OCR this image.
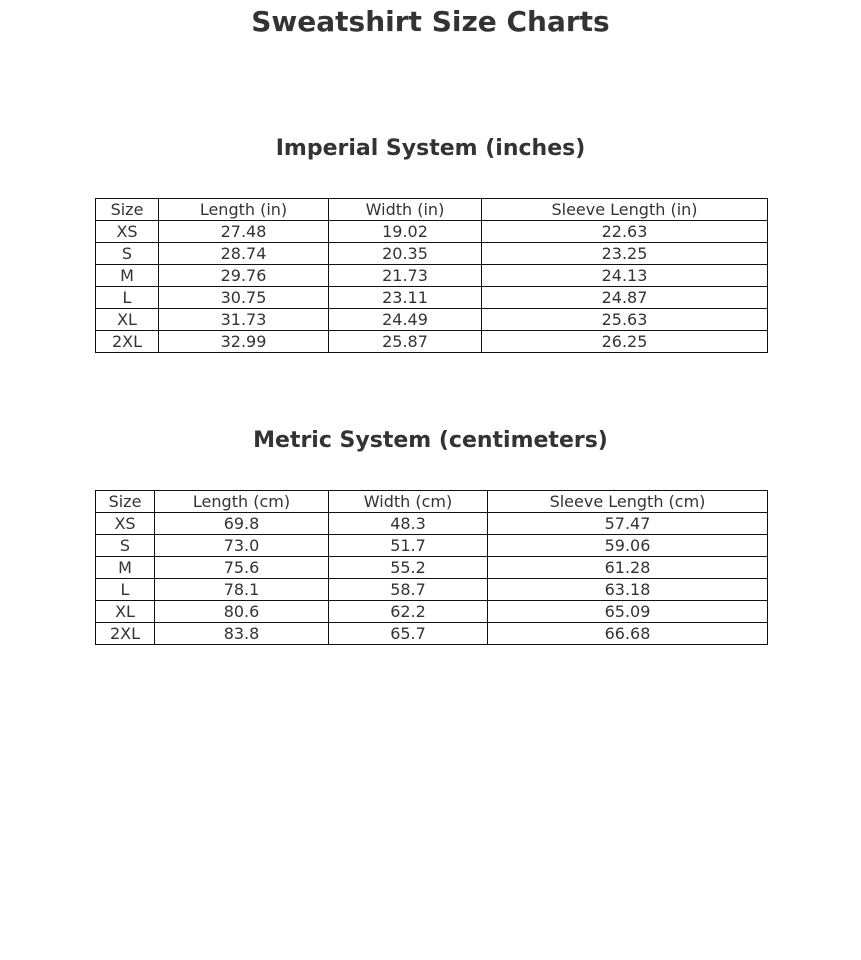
Sweatshirt Size Charts
Imperial System (inches)
Size	Length (in)	Width (in)	Sleeve Length (in)
XS	27.48	19.02	22.63
S	28.74	20.35	23.25
M	29.76	21.73	24.13
L	30.75	23.11	24.87
XL	31.73	24.49	25.63
2XL	32.99	25.87	26.25
Metric System (centimeters)
Size	Length (cm)	Width (cm)	Sleeve Length (cm)
XS	69.8	48.3	57.47
S	73.0	51.7	59.06
M	75.6	55.2	61.28
L	78.1	58.7	63.18
XL	80.6	62.2	65.09
2XL	83.8	65.7	66.68
